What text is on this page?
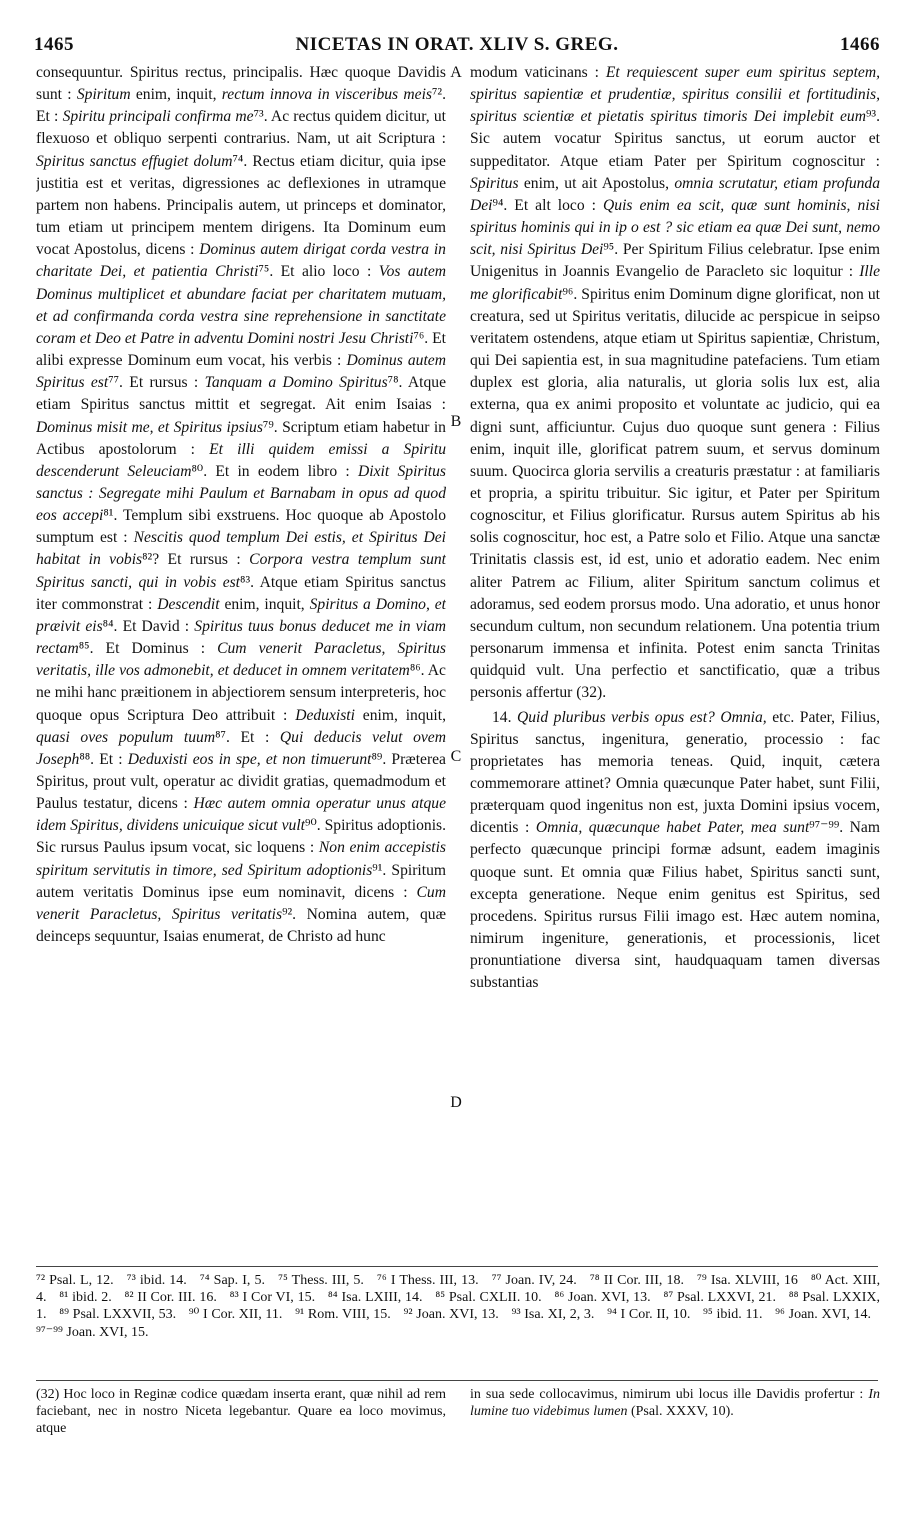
1465	NICETAS IN ORAT. XLIV S. GREG.	1466

consequuntur. Spiritus rectus, principalis. Hæc quoque Davidis sunt : Spiritum enim, inquit, rectum innova in visceribus meis⁷². Et : Spiritu principali confirma me⁷³. Ac rectus quidem dicitur, ut flexuoso et obliquo serpenti contrarius. Nam, ut ait Scriptura : Spiritus sanctus effugiet dolum⁷⁴. Rectus etiam dicitur, quia ipse justitia est et veritas, digressiones ac deflexiones in utramque partem non habens. Principalis autem, ut princeps et dominator, tum etiam ut principem mentem dirigens. Ita Dominum eum vocat Apostolus, dicens : Dominus autem dirigat corda vestra in charitate Dei, et patientia Christi⁷⁵. Et alio loco : Vos autem Dominus multiplicet et abundare faciat per charitatem mutuam, et ad confirmanda corda vestra sine reprehensione in sanctitate coram et Deo et Patre in adventu Domini nostri Jesu Christi⁷⁶. Et alibi expresse Dominum eum vocat, his verbis : Dominus autem Spiritus est⁷⁷. Et rursus : Tanquam a Domino Spiritus⁷⁸. Atque etiam Spiritus sanctus mittit et segregat. Ait enim Isaias : Dominus misit me, et Spiritus ipsius⁷⁹. Scriptum etiam habetur in Actibus apostolorum : Et illi quidem emissi a Spiritu descenderunt Seleuciam⁸⁰. Et in eodem libro : Dixit Spiritus sanctus : Segregate mihi Paulum et Barnabam in opus ad quod eos accepi⁸¹. Templum sibi exstruens. Hoc quoque ab Apostolo sumptum est : Nescitis quod templum Dei estis, et Spiritus Dei habitat in vobis⁸²? Et rursus : Corpora vestra templum sunt Spiritus sancti, qui in vobis est⁸³. Atque etiam Spiritus sanctus iter commonstrat : Descendit enim, inquit, Spiritus a Domino, et præivit eis⁸⁴. Et David : Spiritus tuus bonus deducet me in viam rectam⁸⁵. Et Dominus : Cum venerit Paracletus, Spiritus veritatis, ille vos admonebit, et deducet in omnem veritatem⁸⁶. Ac ne mihi hanc præitionem in abjectiorem sensum interpreteris, hoc quoque opus Scriptura Deo attribuit : Deduxisti enim, inquit, quasi oves populum tuum⁸⁷. Et : Qui deducis velut ovem Joseph⁸⁸. Et : Deduxisti eos in spe, et non timuerunt⁸⁹. Præterea Spiritus, prout vult, operatur ac dividit gratias, quemadmodum et Paulus testatur, dicens : Hæc autem omnia operatur unus atque idem Spiritus, dividens unicuique sicut vult⁹⁰. Spiritus adoptionis. Sic rursus Paulus ipsum vocat, sic loquens : Non enim accepistis spiritum servitutis in timore, sed Spiritum adoptionis⁹¹. Spiritum autem veritatis Dominus ipse eum nominavit, dicens : Cum venerit Paracletus, Spiritus veritatis⁹². Nomina autem, quæ deinceps sequuntur, Isaias enumerat, de Christo ad hunc

A
B
C
D

modum vaticinans : Et requiescent super eum spiritus septem, spiritus sapientiæ et prudentiæ, spiritus consilii et fortitudinis, spiritus scientiæ et pietatis spiritus timoris Dei implebit eum⁹³. Sic autem vocatur Spiritus sanctus, ut eorum auctor et suppeditator. Atque etiam Pater per Spiritum cognoscitur : Spiritus enim, ut ait Apostolus, omnia scrutatur, etiam profunda Dei⁹⁴. Et alt loco : Quis enim ea scit, quæ sunt hominis, nisi spiritus hominis qui in ip o est ? sic etiam ea quæ Dei sunt, nemo scit, nisi Spiritus Dei⁹⁵. Per Spiritum Filius celebratur. Ipse enim Unigenitus in Joannis Evangelio de Paracleto sic loquitur : Ille me glorificabit⁹⁶. Spiritus enim Dominum digne glorificat, non ut creatura, sed ut Spiritus veritatis, dilucide ac perspicue in seipso veritatem ostendens, atque etiam ut Spiritus sapientiæ, Christum, qui Dei sapientia est, in sua magnitudine patefaciens. Tum etiam duplex est gloria, alia naturalis, ut gloria solis lux est, alia externa, qua ex animi proposito et voluntate ac judicio, qui ea digni sunt, afficiuntur. Cujus duo quoque sunt genera : Filius enim, inquit ille, glorificat patrem suum, et servus dominum suum. Quocirca gloria servilis a creaturis præstatur : at familiaris et propria, a spiritu tribuitur. Sic igitur, et Pater per Spiritum cognoscitur, et Filius glorificatur. Rursus autem Spiritus ab his solis cognoscitur, hoc est, a Patre solo et Filio. Atque una sanctæ Trinitatis classis est, id est, unio et adoratio eadem. Nec enim aliter Patrem ac Filium, aliter Spiritum sanctum colimus et adoramus, sed eodem prorsus modo. Una adoratio, et unus honor secundum cultum, non secundum relationem. Una potentia trium personarum immensa et infinita. Potest enim sancta Trinitas quidquid vult. Una perfectio et sanctificatio, quæ a tribus personis affertur (32).

14. Quid pluribus verbis opus est? Omnia, etc. Pater, Filius, Spiritus sanctus, ingenitura, generatio, processio : fac proprietates has memoria teneas. Quid, inquit, cætera commemorare attinet? Omnia quæcunque Pater habet, sunt Filii, præterquam quod ingenitus non est, juxta Domini ipsius vocem, dicentis : Omnia, quæcunque habet Pater, mea sunt⁹⁷⁻⁹⁹. Nam perfecto quæcunque principi formæ adsunt, eadem imaginis quoque sunt. Et omnia quæ Filius habet, Spiritus sancti sunt, excepta generatione. Neque enim genitus est Spiritus, sed procedens. Spiritus rursus Filii imago est. Hæc autem nomina, nimirum ingeniture, generationis, et processionis, licet pronuntiatione diversa sint, haudquaquam tamen diversas substantias

⁷² Psal. L, 12. ⁷³ ibid. 14. ⁷⁴ Sap. I, 5. ⁷⁵ Thess. III, 5. ⁷⁶ I Thess. III, 13. ⁷⁷ Joan. IV, 24. ⁷⁸ II Cor. III, 18. ⁷⁹ Isa. XLVIII, 16 ⁸⁰ Act. XIII, 4. ⁸¹ ibid. 2. ⁸² II Cor. III. 16. ⁸³ I Cor VI, 15. ⁸⁴ Isa. LXIII, 14. ⁸⁵ Psal. CXLII. 10. ⁸⁶ Joan. XVI, 13. ⁸⁷ Psal. LXXVI, 21. ⁸⁸ Psal. LXXIX, 1. ⁸⁹ Psal. LXXVII, 53. ⁹⁰ I Cor. XII, 11. ⁹¹ Rom. VIII, 15. ⁹² Joan. XVI, 13. ⁹³ Isa. XI, 2, 3. ⁹⁴ I Cor. II, 10. ⁹⁵ ibid. 11. ⁹⁶ Joan. XVI, 14. ⁹⁷⁻⁹⁹ Joan. XVI, 15.

(32) Hoc loco in Reginæ codice quædam inserta erant, quæ nihil ad rem faciebant, nec in nostro Niceta legebantur. Quare ea loco movimus, atque

in sua sede collocavimus, nimirum ubi locus ille Davidis profertur : In lumine tuo videbimus lumen (Psal. XXXV, 10).
